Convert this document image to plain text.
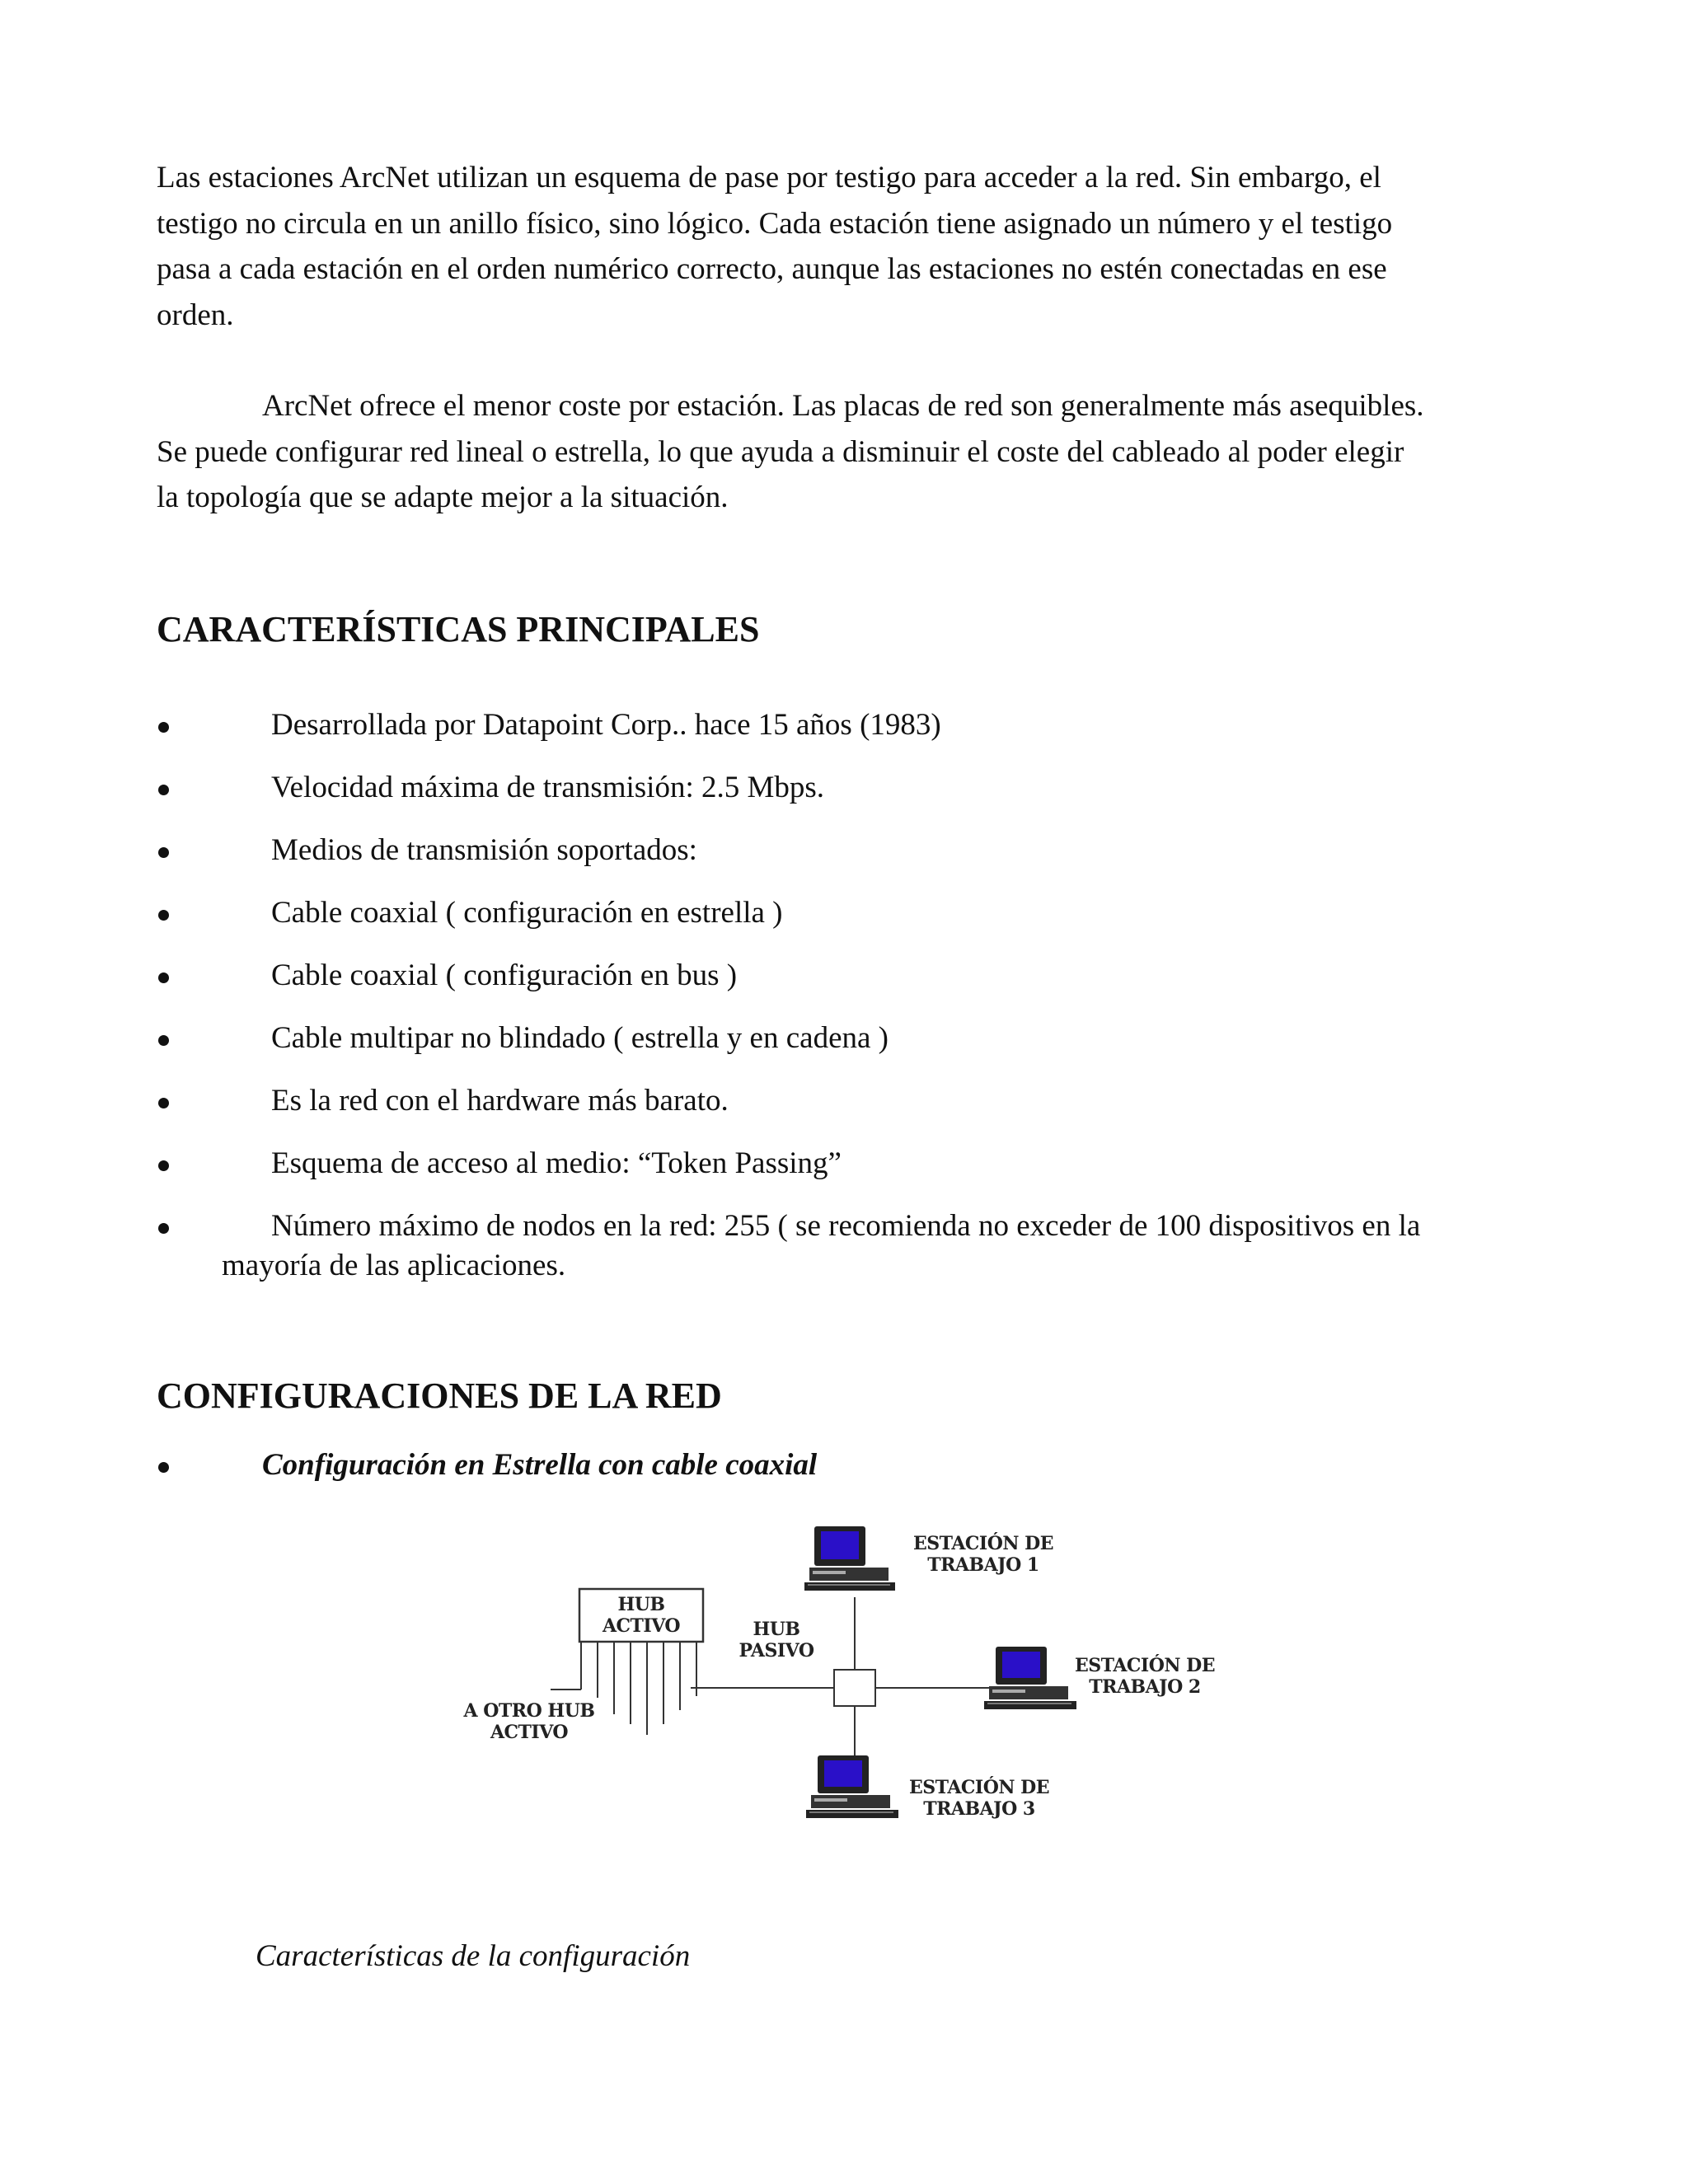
Las estaciones ArcNet utilizan un esquema de pase por testigo para acceder a la red. Sin embargo, el
testigo no circula en un anillo físico, sino lógico. Cada estación tiene asignado un número y el testigo
pasa a cada estación en el orden numérico correcto, aunque las estaciones no estén conectadas en ese
orden.
ArcNet ofrece el menor coste por estación. Las placas de red son generalmente más asequibles.
Se puede configurar red lineal o estrella, lo que ayuda a disminuir el coste del cableado al poder elegir
la topología que se adapte mejor a la situación.
CARACTERÍSTICAS PRINCIPALES
Desarrollada por Datapoint Corp.. hace 15 años (1983)
Velocidad máxima de transmisión: 2.5 Mbps.
Medios de transmisión soportados:
Cable coaxial ( configuración en estrella )
Cable coaxial ( configuración en bus )
Cable multipar no blindado ( estrella y en cadena )
Es la red con el hardware más barato.
Esquema de acceso al medio: “Token Passing”
Número máximo de nodos en la red: 255 ( se recomienda no exceder de 100 dispositivos en la
mayoría de las aplicaciones.
CONFIGURACIONES DE LA RED
Configuración en Estrella con cable coaxial
HUB
ACTIVO
A OTRO HUB
ACTIVO
HUB
PASIVO
ESTACIÓN DE
TRABAJO 1
ESTACIÓN DE
TRABAJO 2
ESTACIÓN DE
TRABAJO 3

Características de la configuración
